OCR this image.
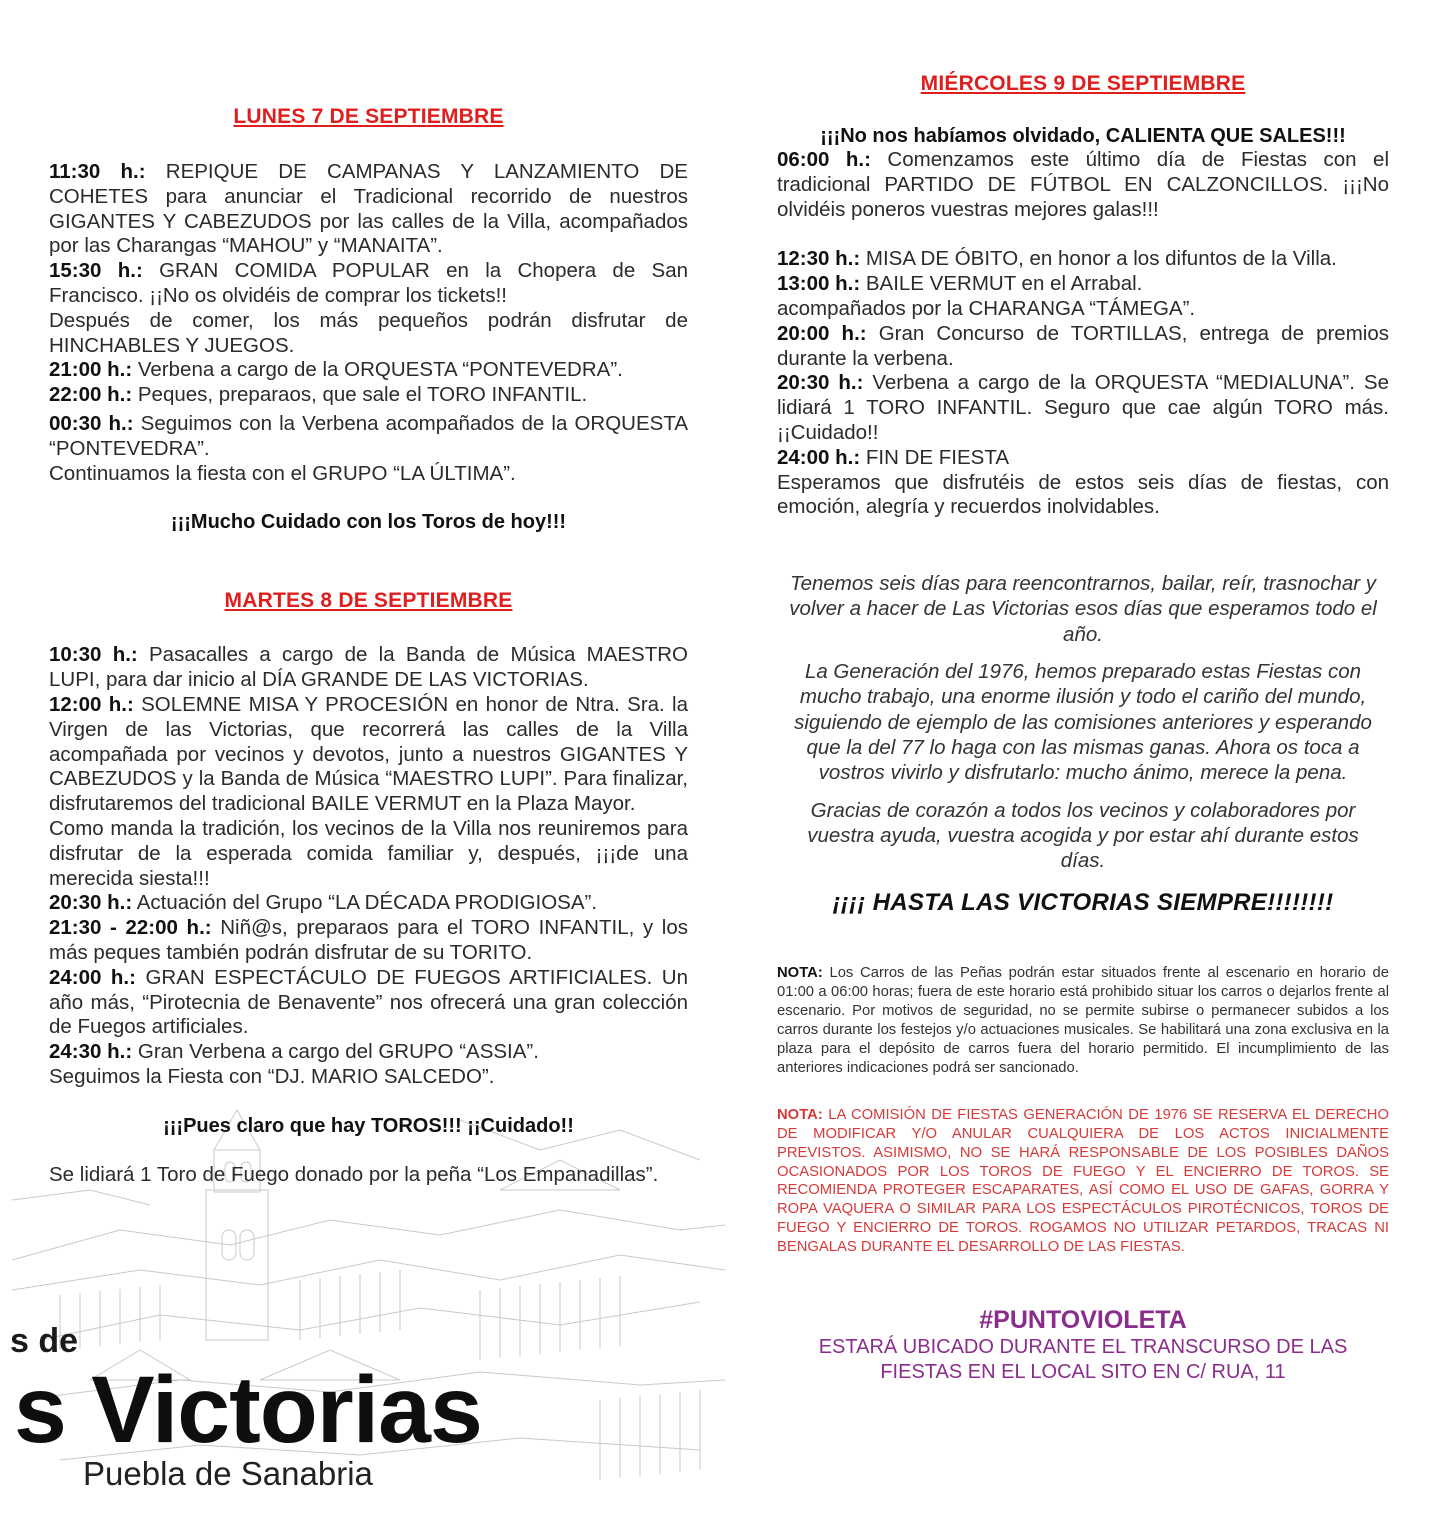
LUNES 7 DE SEPTIEMBRE

11:30 h.: REPIQUE DE CAMPANAS Y LANZAMIENTO DE COHETES para anunciar el Tradicional recorrido de nuestros GIGANTES Y CABEZUDOS por las calles de la Villa, acompañados por las Charangas “MAHOU” y “MANAITA”.

15:30 h.: GRAN COMIDA POPULAR en la Chopera de San Francisco. ¡¡No os olvidéis de comprar los tickets!!

Después de comer, los más pequeños podrán disfrutar de HINCHABLES Y JUEGOS.

21:00 h.: Verbena a cargo de la ORQUESTA “PONTEVEDRA”.

22:00 h.: Peques, preparaos, que sale el TORO INFANTIL.

00:30 h.: Seguimos con la Verbena acompañados de la ORQUESTA “PONTEVEDRA”.

Continuamos la fiesta con el GRUPO “LA ÚLTIMA”.

¡¡¡Mucho Cuidado con los Toros de hoy!!!

MARTES 8 DE SEPTIEMBRE

10:30 h.: Pasacalles a cargo de la Banda de Música MAESTRO LUPI, para dar inicio al DÍA GRANDE DE LAS VICTORIAS.

12:00 h.: SOLEMNE MISA Y PROCESIÓN en honor de Ntra. Sra. la Virgen de las Victorias, que recorrerá las calles de la Villa acompañada por vecinos y devotos, junto a nuestros GIGANTES Y CABEZUDOS y la Banda de Música “MAESTRO LUPI”. Para finalizar, disfrutaremos del tradicional BAILE VERMUT en la Plaza Mayor.

Como manda la tradición, los vecinos de la Villa nos reuniremos para disfrutar de la esperada comida familiar y, después, ¡¡¡de una merecida siesta!!!

20:30 h.: Actuación del Grupo “LA DÉCADA PRODIGIOSA”.

21:30 - 22:00 h.: Niñ@s, preparaos para el TORO INFANTIL, y los más peques también podrán disfrutar de su TORITO.

24:00 h.: GRAN ESPECTÁCULO DE FUEGOS ARTIFICIALES. Un año más, “Pirotecnia de Benavente” nos ofrecerá una gran colección de Fuegos artificiales.

24:30 h.: Gran Verbena a cargo del GRUPO “ASSIA”.

Seguimos la Fiesta con “DJ. MARIO SALCEDO”.

¡¡¡Pues claro que hay TOROS!!! ¡¡Cuidado!!

Se lidiará 1 Toro de Fuego donado por la peña “Los Empanadillas”.

s de

s Victorias

Puebla de Sanabria

MIÉRCOLES 9 DE SEPTIEMBRE

¡¡¡No nos habíamos olvidado, CALIENTA QUE SALES!!!

06:00 h.: Comenzamos este último día de Fiestas con el tradicional PARTIDO DE FÚTBOL EN CALZONCILLOS. ¡¡¡No olvidéis poneros vuestras mejores galas!!!

12:30 h.: MISA DE ÓBITO, en honor a los difuntos de la Villa.

13:00 h.: BAILE VERMUT en el Arrabal.

acompañados por la CHARANGA “TÁMEGA”.

20:00 h.: Gran Concurso de TORTILLAS, entrega de premios durante la verbena.

20:30 h.: Verbena a cargo de la ORQUESTA “MEDIALUNA”. Se lidiará 1 TORO INFANTIL. Seguro que cae algún TORO más. ¡¡Cuidado!!

24:00 h.: FIN DE FIESTA

Esperamos que disfrutéis de estos seis días de fiestas, con emoción, alegría y recuerdos inolvidables.

Tenemos seis días para reencontrarnos, bailar, reír, trasnochar y volver a hacer de Las Victorias esos días que esperamos todo el año.

La Generación del 1976, hemos preparado estas Fiestas con mucho trabajo, una enorme ilusión y todo el cariño del mundo, siguiendo de ejemplo de las comisiones anteriores y esperando que la del 77 lo haga con las mismas ganas. Ahora os toca a vostros vivirlo y disfrutarlo: mucho ánimo, merece la pena.

Gracias de corazón a todos los vecinos y colaboradores por vuestra ayuda, vuestra acogida y por estar ahí durante estos días.

¡¡¡¡ HASTA LAS VICTORIAS SIEMPRE!!!!!!!!

NOTA: Los Carros de las Peñas podrán estar situados frente al escenario en horario de 01:00 a 06:00 horas; fuera de este horario está prohibido situar los carros o dejarlos frente al escenario. Por motivos de seguridad, no se permite subirse o permanecer subidos a los carros durante los festejos y/o actuaciones musicales. Se habilitará una zona exclusiva en la plaza para el depósito de carros fuera del horario permitido. El incumplimiento de las anteriores indicaciones podrá ser sancionado.

NOTA: LA COMISIÓN DE FIESTAS GENERACIÓN DE 1976 SE RESERVA EL DERECHO DE MODIFICAR Y/O ANULAR CUALQUIERA DE LOS ACTOS INICIALMENTE PREVISTOS. ASIMISMO, NO SE HARÁ RESPONSABLE DE LOS POSIBLES DAÑOS OCASIONADOS POR LOS TOROS DE FUEGO Y EL ENCIERRO DE TOROS. SE RECOMIENDA PROTEGER ESCAPARATES, ASÍ COMO EL USO DE GAFAS, GORRA Y ROPA VAQUERA O SIMILAR PARA LOS ESPECTÁCULOS PIROTÉCNICOS, TOROS DE FUEGO Y ENCIERRO DE TOROS. ROGAMOS NO UTILIZAR PETARDOS, TRACAS NI BENGALAS DURANTE EL DESARROLLO DE LAS FIESTAS.

#PUNTOVIOLETA

ESTARÁ UBICADO DURANTE EL TRANSCURSO DE LAS FIESTAS EN EL LOCAL SITO EN C/ RUA, 11
